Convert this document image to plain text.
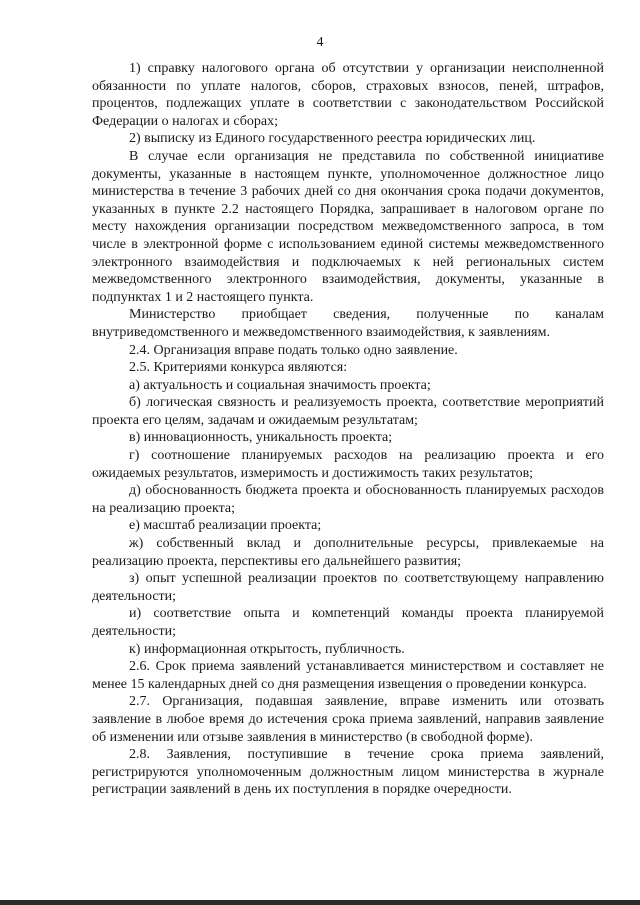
4

1) справку налогового органа об отсутствии у организации неисполненной обязанности по уплате налогов, сборов, страховых взносов, пеней, штрафов, процентов, подлежащих уплате в соответствии с законодательством Российской Федерации о налогах и сборах;

2) выписку из Единого государственного реестра юридических лиц.

В случае если организация не представила по собственной инициативе документы, указанные в настоящем пункте, уполномоченное должностное лицо министерства в течение 3 рабочих дней со дня окончания срока подачи документов, указанных в пункте 2.2 настоящего Порядка, запрашивает в налоговом органе по месту нахождения организации посредством межведомственного запроса, в том числе в электронной форме с использованием единой системы межведомственного электронного взаимодействия и подключаемых к ней региональных систем межведомственного электронного взаимодействия, документы, указанные в подпунктах 1 и 2 настоящего пункта.

Министерство приобщает сведения, полученные по каналам внутриведомственного и межведомственного взаимодействия, к заявлениям.

2.4. Организация вправе подать только одно заявление.

2.5. Критериями конкурса являются:

а) актуальность и социальная значимость проекта;

б) логическая связность и реализуемость проекта, соответствие мероприятий проекта его целям, задачам и ожидаемым результатам;

в) инновационность, уникальность проекта;

г) соотношение планируемых расходов на реализацию проекта и его ожидаемых результатов, измеримость и достижимость таких результатов;

д) обоснованность бюджета проекта и обоснованность планируемых расходов на реализацию проекта;

е) масштаб реализации проекта;

ж) собственный вклад и дополнительные ресурсы, привлекаемые на реализацию проекта, перспективы его дальнейшего развития;

з) опыт успешной реализации проектов по соответствующему направлению деятельности;

и) соответствие опыта и компетенций команды проекта планируемой деятельности;

к) информационная открытость, публичность.

2.6. Срок приема заявлений устанавливается министерством и составляет не менее 15 календарных дней со дня размещения извещения о проведении конкурса.

2.7. Организация, подавшая заявление, вправе изменить или отозвать заявление в любое время до истечения срока приема заявлений, направив заявление об изменении или отзыве заявления в министерство (в свободной форме).

2.8. Заявления, поступившие в течение срока приема заявлений, регистрируются уполномоченным должностным лицом министерства в журнале регистрации заявлений в день их поступления в порядке очередности.
